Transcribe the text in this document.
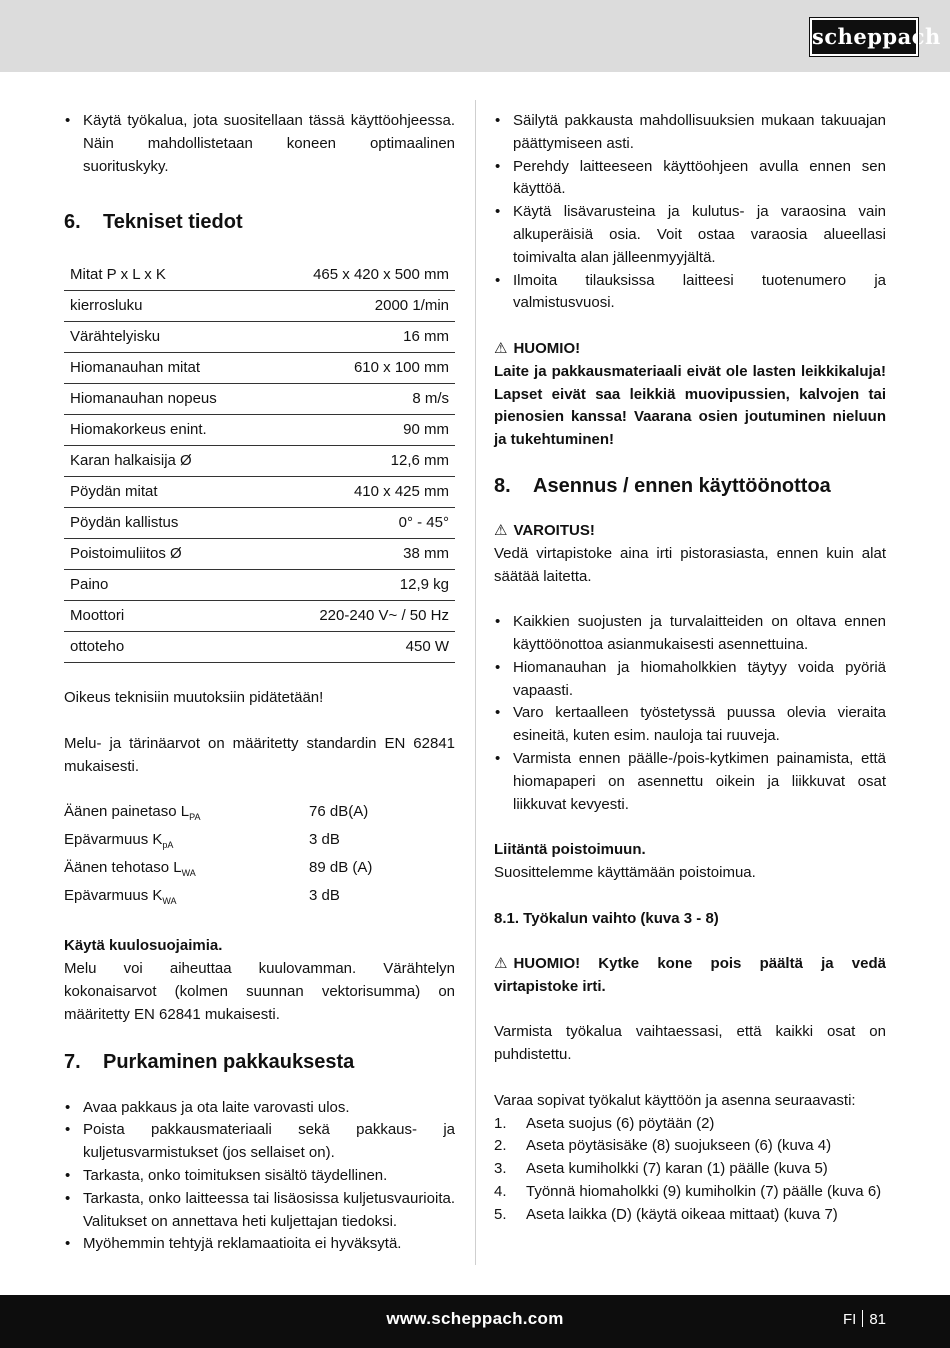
scheppach
• Käytä työkalua, jota suositellaan tässä käyttöohjeessa. Näin mahdollistetaan koneen optimaalinen suorituskyky.
6.	Tekniset tiedot
Mitat P x L x K	465 x 420 x 500 mm
kierrosluku	2000 1/min
Värähtelyisku	16 mm
Hiomanauhan mitat	610 x 100 mm
Hiomanauhan nopeus	8 m/s
Hiomakorkeus enint.	90 mm
Karan halkaisija Ø	12,6 mm
Pöydän mitat	410 x 425 mm
Pöydän kallistus	0° - 45°
Poistoimuliitos Ø	38 mm
Paino	12,9 kg
Moottori	220-240 V~ / 50 Hz
ottoteho	450 W

Oikeus teknisiin muutoksiin pidätetään!

Melu- ja tärinäarvot on määritetty standardin EN 62841 mukaisesti.

Äänen painetaso $L_{PA}$	76 dB(A)
Epävarmuus $K_{pA}$	3 dB
Äänen tehotaso $L_{WA}$	89 dB (A)
Epävarmuus $K_{WA}$	3 dB

Käytä kuulosuojaimia.

Melu voi aiheuttaa kuulovamman. Värähtelyn kokonaisarvot (kolmen suunnan vektorisumma) on määritetty EN 62841 mukaisesti.

7.	Purkaminen pakkauksesta
• Avaa pakkaus ja ota laite varovasti ulos.
• Poista pakkausmateriaali sekä pakkaus- ja kuljetusvarmistukset (jos sellaiset on).
• Tarkasta, onko toimituksen sisältö täydellinen.
• Tarkasta, onko laitteessa tai lisäosissa kuljetusvaurioita. Valitukset on annettava heti kuljettajan tiedoksi.
• Myöhemmin tehtyjä reklamaatioita ei hyväksytä.
• Säilytä pakkausta mahdollisuuksien mukaan takuuajan päättymiseen asti.
• Perehdy laitteeseen käyttöohjeen avulla ennen sen käyttöä.
• Käytä lisävarusteina ja kulutus- ja varaosina vain alkuperäisiä osia. Voit ostaa varaosia alueellasi toimivalta alan jälleenmyyjältä.
• Ilmoita tilauksissa laitteesi tuotenumero ja valmistusvuosi.

⚠ HUOMIO!

Laite ja pakkausmateriaali eivät ole lasten leikkikaluja! Lapset eivät saa leikkiä muovipussien, kalvojen tai pienosien kanssa! Vaarana osien joutuminen nieluun ja tukehtuminen!

8.	Asennus / ennen käyttöönottoa

⚠ VAROITUS!

Vedä virtapistoke aina irti pistorasiasta, ennen kuin alat säätää laitetta.

• Kaikkien suojusten ja turvalaitteiden on oltava ennen käyttöönottoa asianmukaisesti asennettuina.
• Hiomanauhan ja hiomaholkkien täytyy voida pyöriä vapaasti.
• Varo kertaalleen työstetyssä puussa olevia vieraita esineitä, kuten esim. nauloja tai ruuveja.
• Varmista ennen päälle-/pois-kytkimen painamista, että hiomapaperi on asennettu oikein ja liikkuvat osat liikkuvat kevyesti.

Liitäntä poistoimuun.

Suosittelemme käyttämään poistoimua.

8.1. Työkalun vaihto (kuva 3 - 8)

⚠ HUOMIO! Kytke kone pois päältä ja vedä virtapistoke irti.

Varmista työkalua vaihtaessasi, että kaikki osat on puhdistettu.

Varaa sopivat työkalut käyttöön ja asenna seuraavasti:

1. Aseta suojus (6) pöytään (2)
2. Aseta pöytäsisäke (8) suojukseen (6) (kuva 4)
3. Aseta kumiholkki (7) karan (1) päälle (kuva 5)
4. Työnnä hiomaholkki (9) kumiholkin (7) päälle (kuva 6)
5. Aseta laikka (D) (käytä oikeaa mittaat) (kuva 7)
www.scheppach.com	FI 81
